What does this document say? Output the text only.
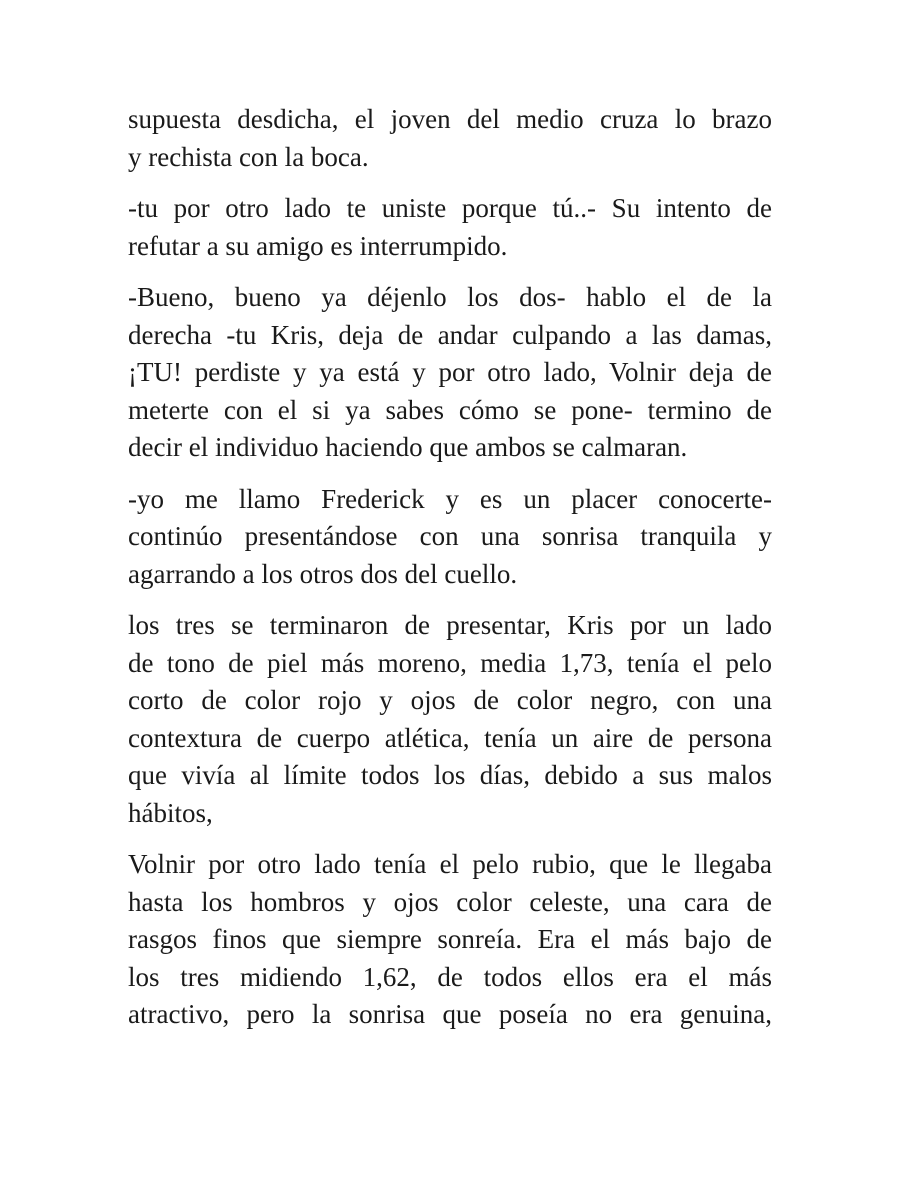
supuesta desdicha, el joven del medio cruza lo brazo
y rechista con la boca.
-tu por otro lado te uniste porque tú..- Su intento de
refutar a su amigo es interrumpido.
-Bueno, bueno ya déjenlo los dos- hablo el de la
derecha -tu Kris, deja de andar culpando a las damas,
¡TU! perdiste y ya está y por otro lado, Volnir deja de
meterte con el si ya sabes cómo se pone- termino de
decir el individuo haciendo que ambos se calmaran.
-yo me llamo Frederick y es un placer conocerte-
continúo presentándose con una sonrisa tranquila y
agarrando a los otros dos del cuello.
los tres se terminaron de presentar, Kris por un lado
de tono de piel más moreno, media 1,73, tenía el pelo
corto de color rojo y ojos de color negro, con una
contextura de cuerpo atlética, tenía un aire de persona
que vivía al límite todos los días, debido a sus malos
hábitos,
Volnir por otro lado tenía el pelo rubio, que le llegaba
hasta los hombros y ojos color celeste, una cara de
rasgos finos que siempre sonreía. Era el más bajo de
los tres midiendo 1,62, de todos ellos era el más
atractivo, pero la sonrisa que poseía no era genuina,
